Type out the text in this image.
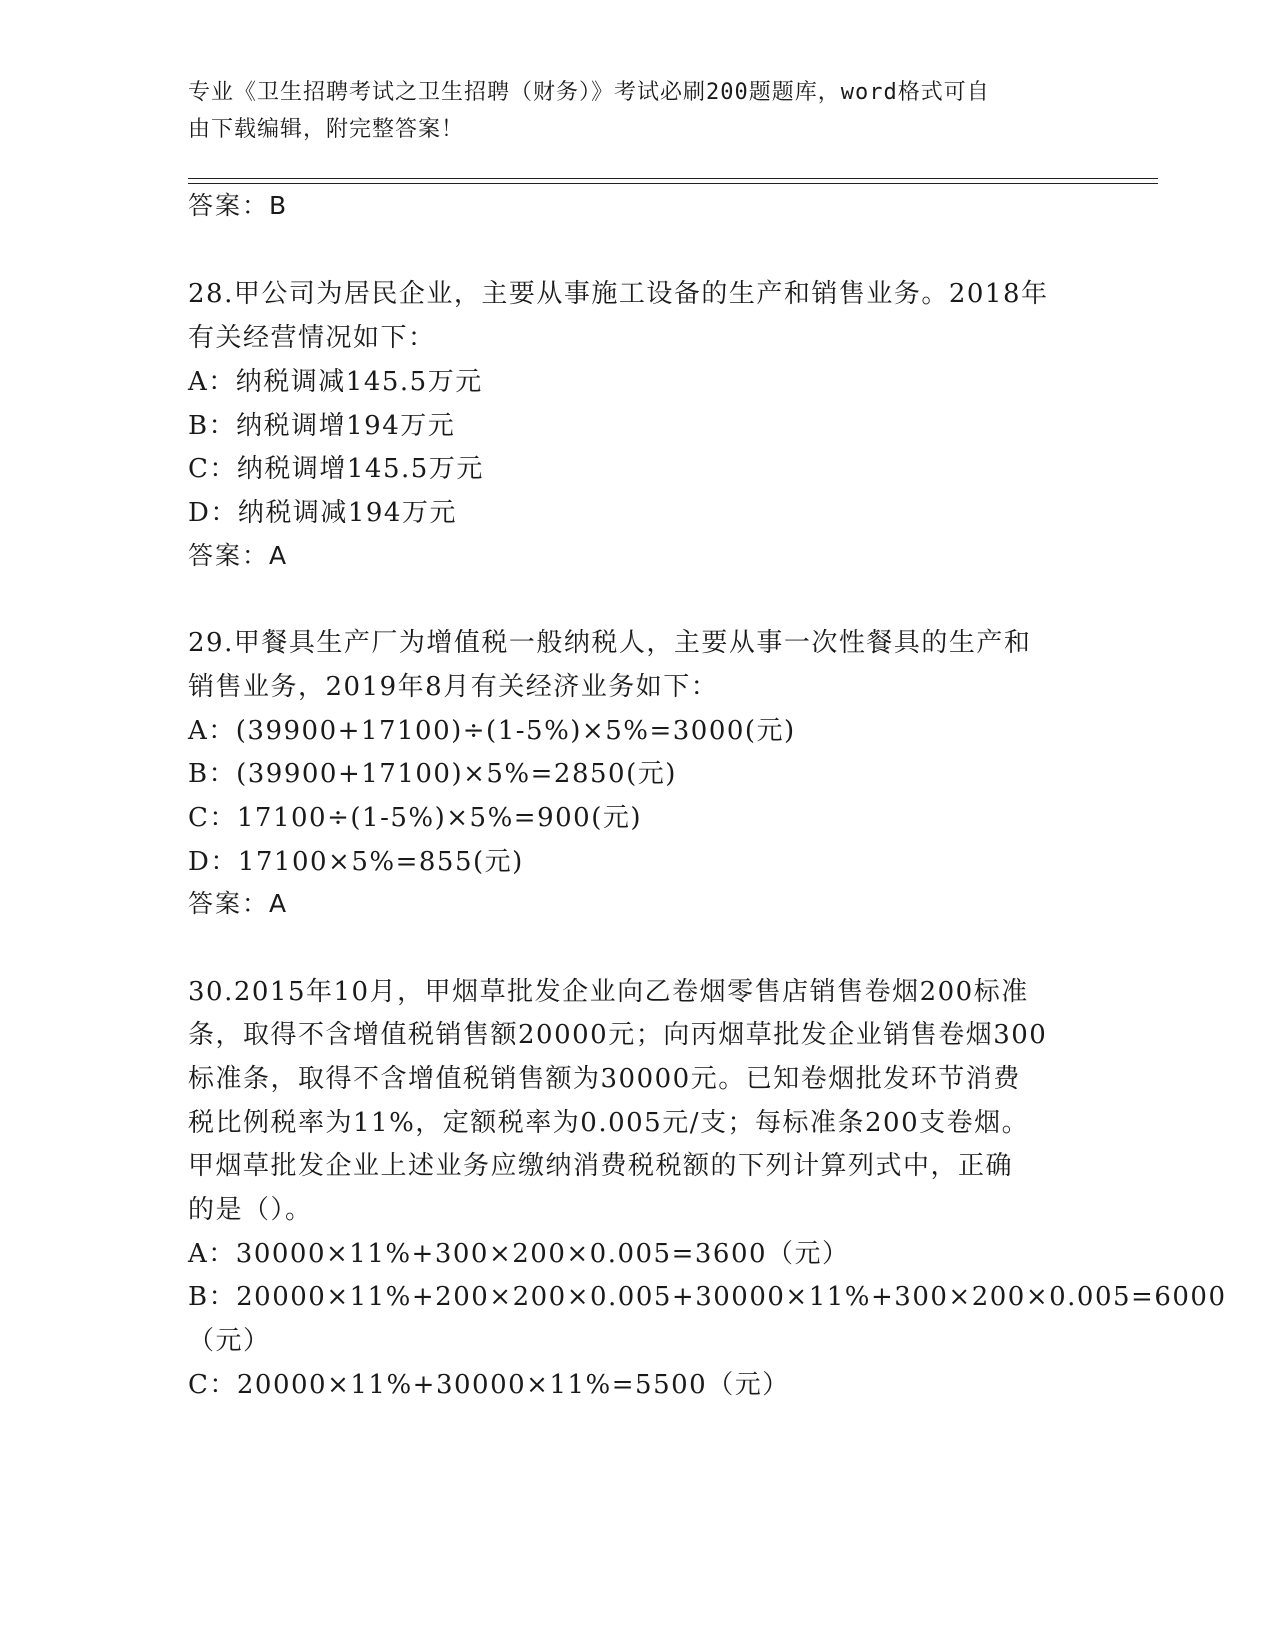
专业《卫生招聘考试之卫生招聘（财务）》考试必刷200题题库，word格式可自
由下载编辑，附完整答案！
答案：B
28.甲公司为居民企业，主要从事施工设备的生产和销售业务。2018年
有关经营情况如下：
A：纳税调减145.5万元
B：纳税调增194万元
C：纳税调增145.5万元
D：纳税调减194万元
答案：A
29.甲餐具生产厂为增值税一般纳税人，主要从事一次性餐具的生产和
销售业务，2019年8月有关经济业务如下：
A：(39900+17100)÷(1-5%)×5%=3000(元)
B：(39900+17100)×5%=2850(元)
C：17100÷(1-5%)×5%=900(元)
D：17100×5%=855(元)
答案：A
30.2015年10月，甲烟草批发企业向乙卷烟零售店销售卷烟200标准
条，取得不含增值税销售额20000元；向丙烟草批发企业销售卷烟300
标准条，取得不含增值税销售额为30000元。已知卷烟批发环节消费
税比例税率为11%，定额税率为0.005元/支；每标准条200支卷烟。
甲烟草批发企业上述业务应缴纳消费税税额的下列计算列式中，正确
的是（）。
A：30000×11%+300×200×0.005=3600（元）
B：20000×11%+200×200×0.005+30000×11%+300×200×0.005=6000
（元）
C：20000×11%+30000×11%=5500（元）
